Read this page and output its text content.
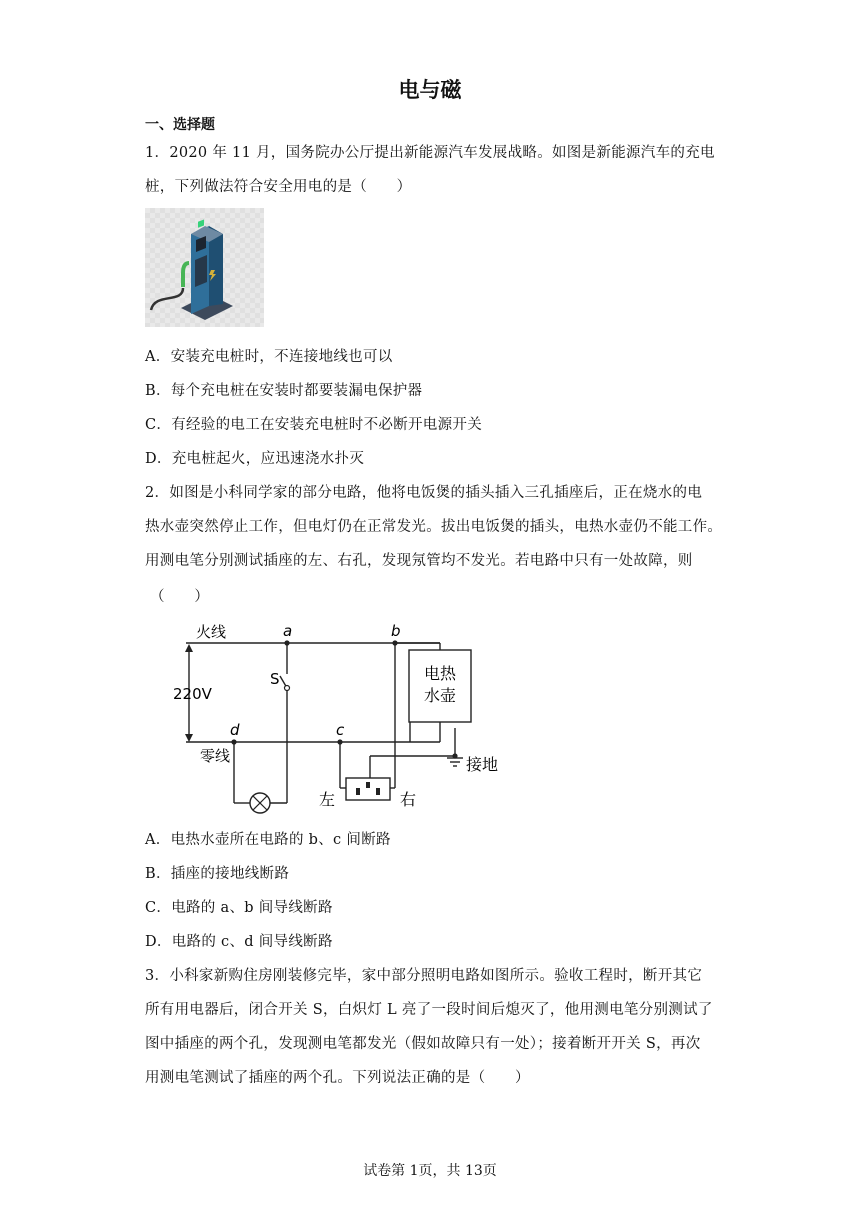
电与磁
一、选择题
1．2020 年 11 月，国务院办公厅提出新能源汽车发展战略。如图是新能源汽车的充电
桩，下列做法符合安全用电的是（　　）
A．安装充电桩时，不连接地线也可以
B．每个充电桩在安装时都要装漏电保护器
C．有经验的电工在安装充电桩时不必断开电源开关
D．充电桩起火，应迅速浇水扑灭
2．如图是小科同学家的部分电路，他将电饭煲的插头插入三孔插座后，正在烧水的电
热水壶突然停止工作，但电灯仍在正常发光。拔出电饭煲的插头，电热水壶仍不能工作。
用测电笔分别测试插座的左、右孔，发现氖管均不发光。若电路中只有一处故障，则
（　　）
火线
零线
220V
a	b
c
d
S	电热
水壶
接地
左	右
A．电热水壶所在电路的 b、c 间断路
B．插座的接地线断路
C．电路的 a、b 间导线断路
D．电路的 c、d 间导线断路
3．小科家新购住房刚装修完毕，家中部分照明电路如图所示。验收工程时，断开其它
所有用电器后，闭合开关 S，白炽灯 L 亮了一段时间后熄灭了，他用测电笔分别测试了
图中插座的两个孔，发现测电笔都发光（假如故障只有一处）；接着断开开关 S，再次
用测电笔测试了插座的两个孔。下列说法正确的是（　　）
试卷第 1页，共 13页
